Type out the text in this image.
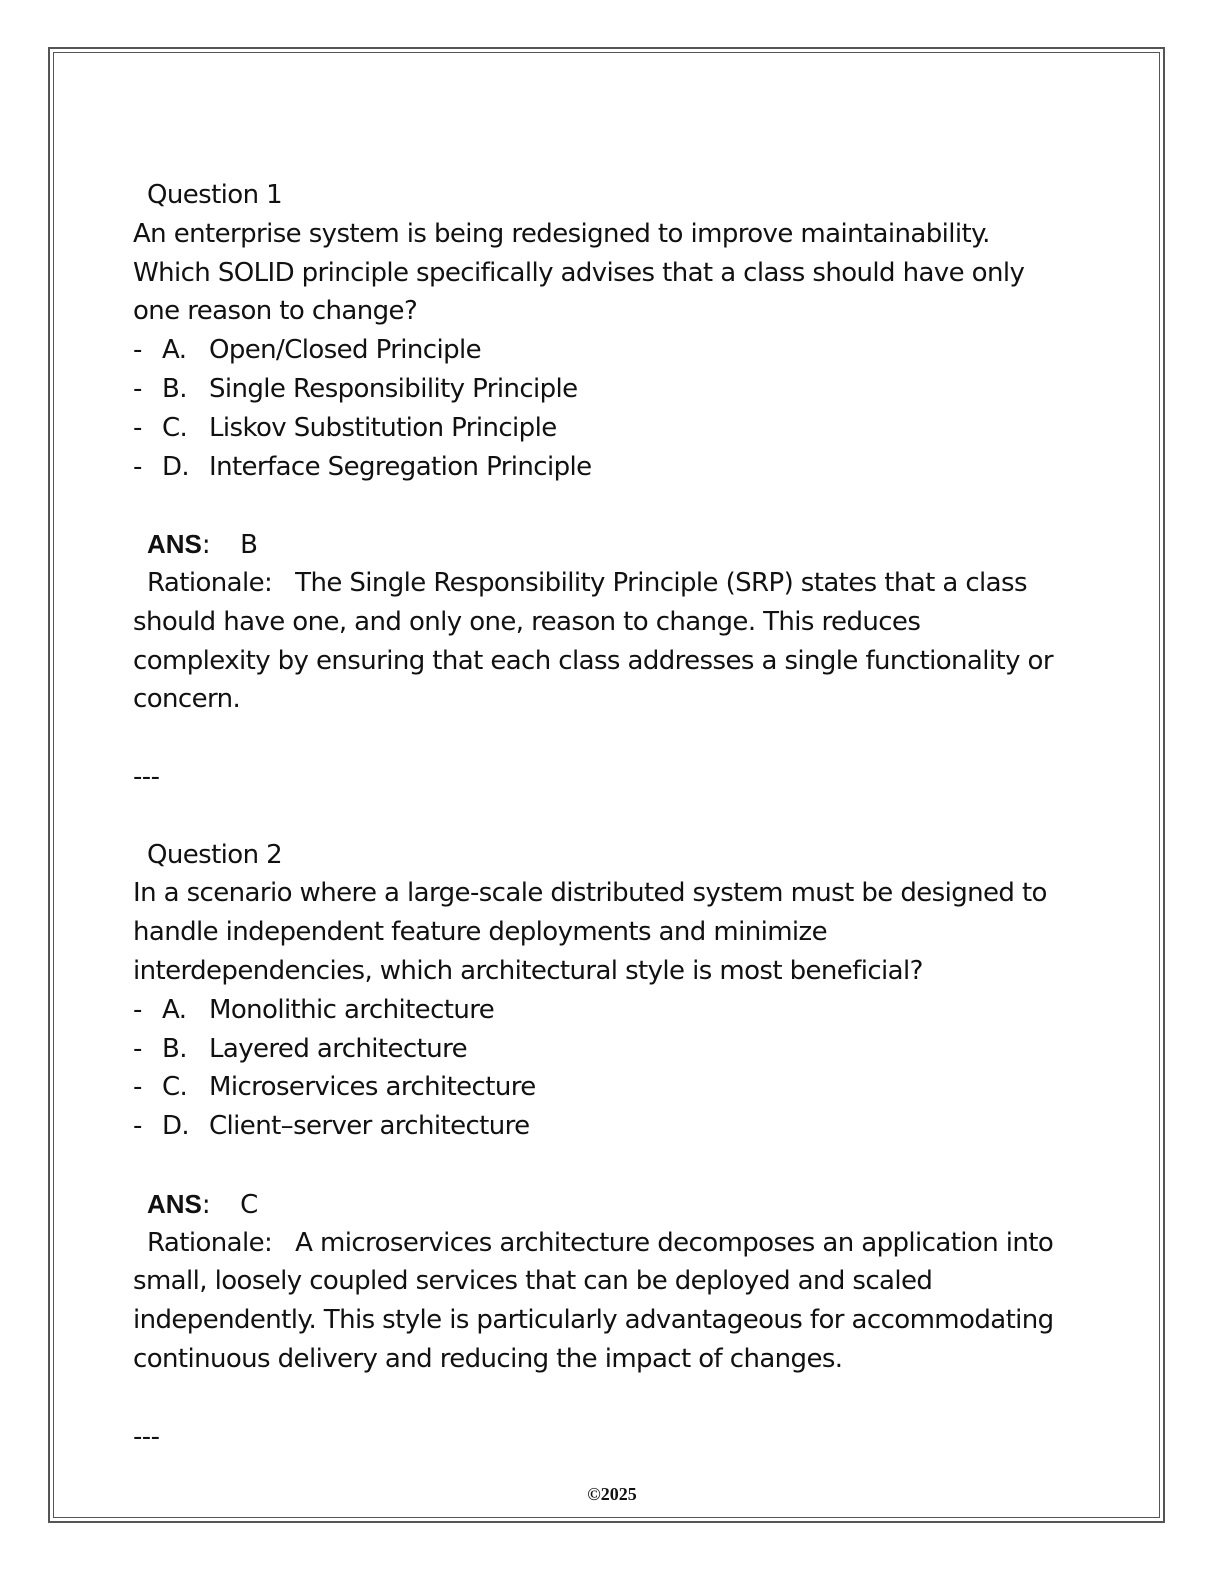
Question 1
An enterprise system is being redesigned to improve maintainability.
Which SOLID principle specifically advises that a class should have only
one reason to change?
- A. Open/Closed Principle
- B. Single Responsibility Principle
- C. Liskov Substitution Principle
- D. Interface Segregation Principle
ANS: B
Rationale: The Single Responsibility Principle (SRP) states that a class
should have one, and only one, reason to change. This reduces
complexity by ensuring that each class addresses a single functionality or
concern.
---
Question 2
In a scenario where a large-scale distributed system must be designed to
handle independent feature deployments and minimize
interdependencies, which architectural style is most beneficial?
- A. Monolithic architecture
- B. Layered architecture
- C. Microservices architecture
- D. Client–server architecture
ANS: C
Rationale: A microservices architecture decomposes an application into
small, loosely coupled services that can be deployed and scaled
independently. This style is particularly advantageous for accommodating
continuous delivery and reducing the impact of changes.
---
©2025
